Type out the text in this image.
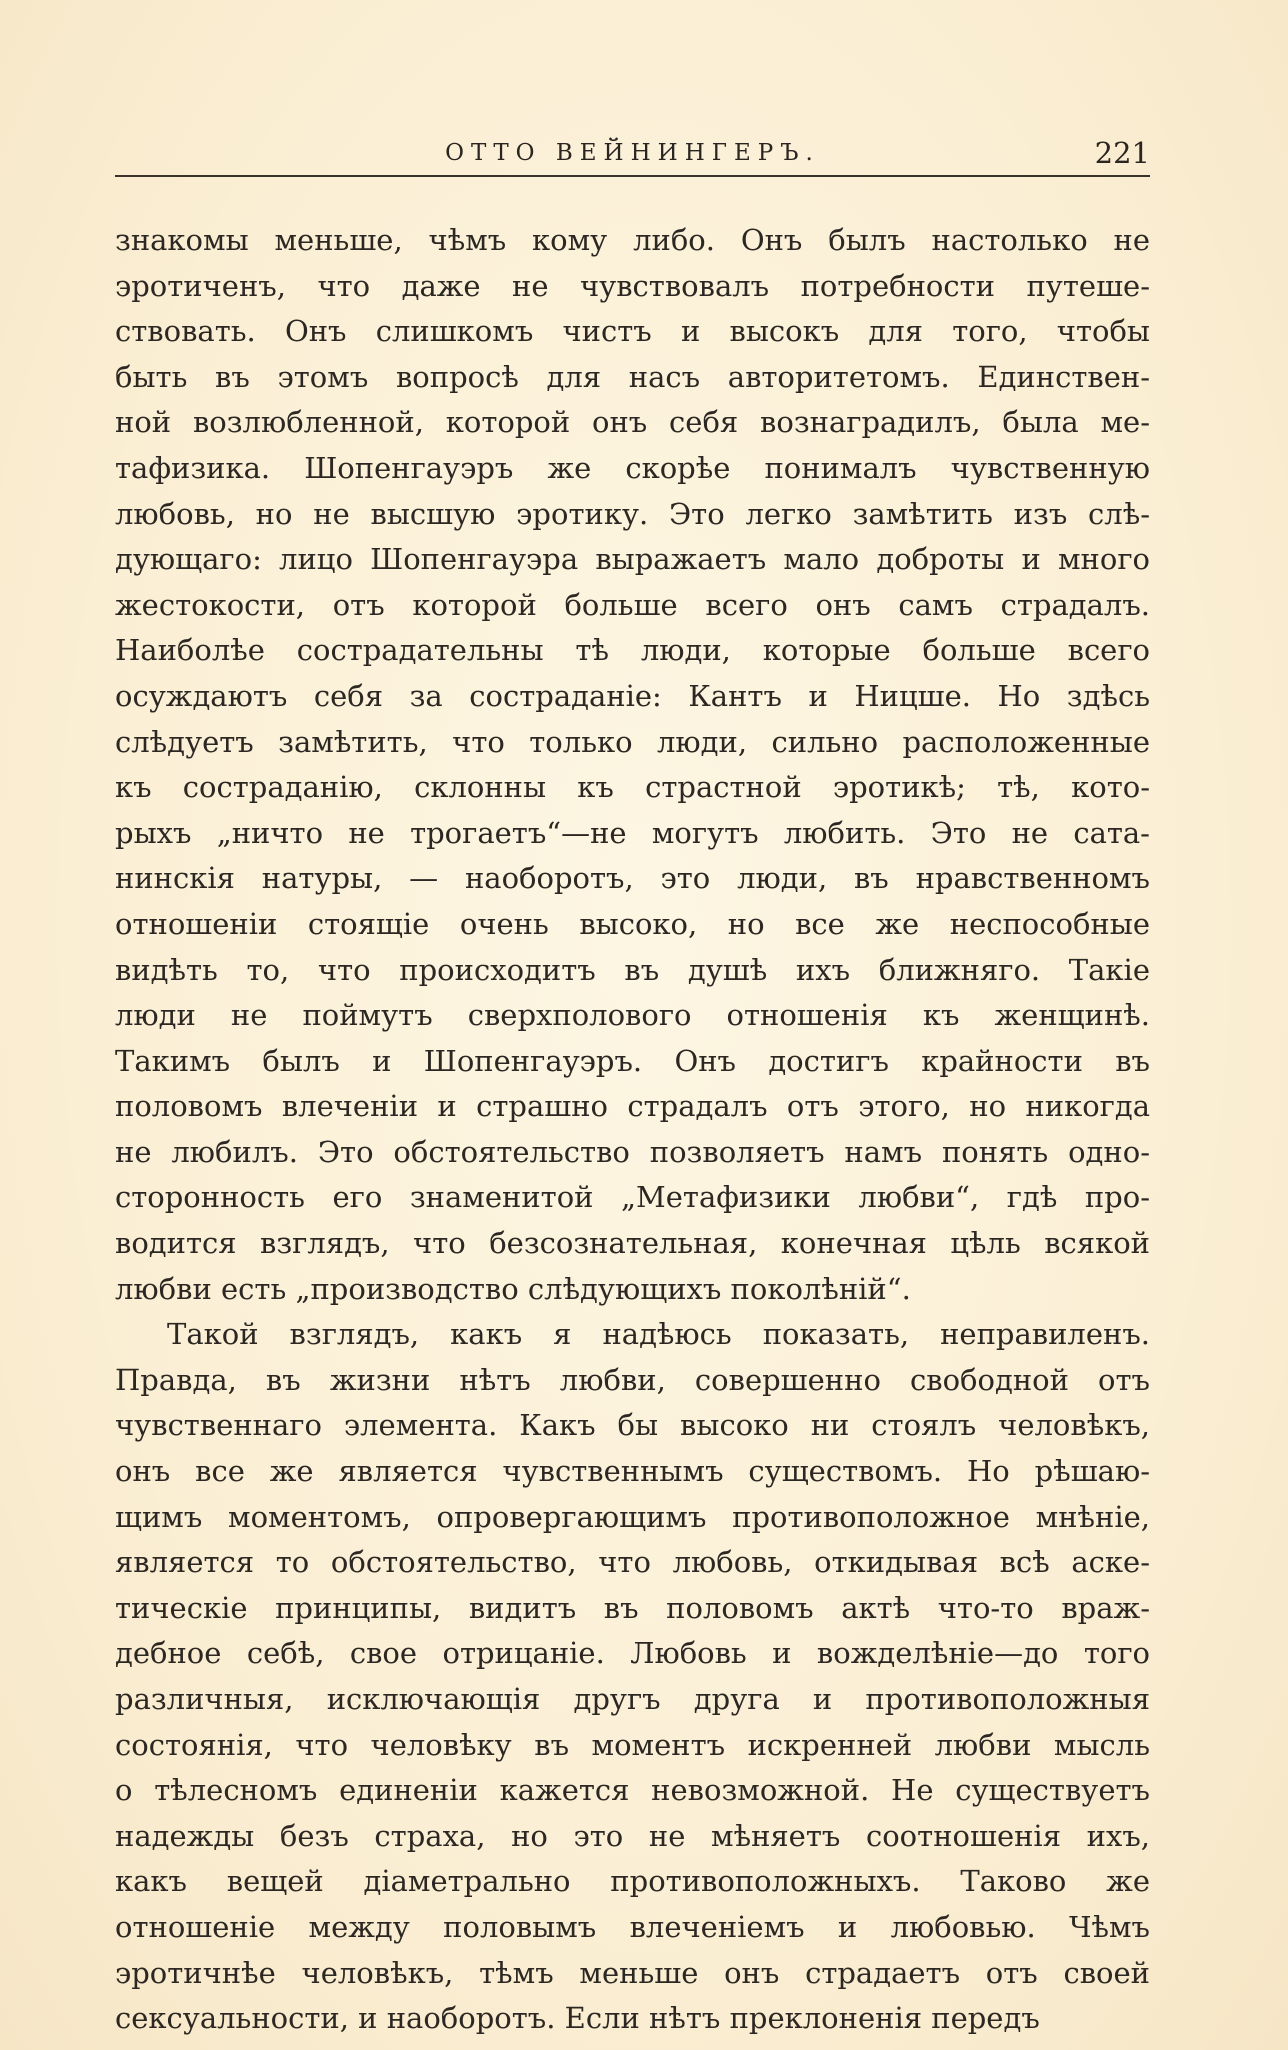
ОТТО ВЕЙНИНГЕРЪ.	221
знакомы меньше, чѣмъ кому либо. Онъ былъ настолько не
эротиченъ, что даже не чувствовалъ потребности путеше-
ствовать. Онъ слишкомъ чистъ и высокъ для того, чтобы
быть въ этомъ вопросѣ для насъ авторитетомъ. Единствен-
ной возлюбленной, которой онъ себя вознаградилъ, была ме-
тафизика. Шопенгауэръ же скорѣе понималъ чувственную
любовь, но не высшую эротику. Это легко замѣтить изъ слѣ-
дующаго: лицо Шопенгауэра выражаетъ мало доброты и много
жестокости, отъ которой больше всего онъ самъ страдалъ.
Наиболѣе сострадательны тѣ люди, которые больше всего
осуждаютъ себя за состраданіе: Кантъ и Ницше. Но здѣсь
слѣдуетъ замѣтить, что только люди, сильно расположенные
къ состраданію, склонны къ страстной эротикѣ; тѣ, кото-
рыхъ „ничто не трогаетъ“—не могутъ любить. Это не сата-
нинскія натуры, — наоборотъ, это люди, въ нравственномъ
отношеніи стоящіе очень высоко, но все же неспособные
видѣть то, что происходитъ въ душѣ ихъ ближняго. Такіе
люди не поймутъ сверхполового отношенія къ женщинѣ.
Такимъ былъ и Шопенгауэръ. Онъ достигъ крайности въ
половомъ влеченіи и страшно страдалъ отъ этого, но никогда
не любилъ. Это обстоятельство позволяетъ намъ понять одно-
сторонность его знаменитой „Метафизики любви“, гдѣ про-
водится взглядъ, что безсознательная, конечная цѣль всякой
любви есть „производство слѣдующихъ поколѣній“.
Такой взглядъ, какъ я надѣюсь показать, неправиленъ.
Правда, въ жизни нѣтъ любви, совершенно свободной отъ
чувственнаго элемента. Какъ бы высоко ни стоялъ человѣкъ,
онъ все же является чувственнымъ существомъ. Но рѣшаю-
щимъ моментомъ, опровергающимъ противоположное мнѣніе,
является то обстоятельство, что любовь, откидывая всѣ аске-
тическіе принципы, видитъ въ половомъ актѣ что-то враж-
дебное себѣ, свое отрицаніе. Любовь и вожделѣніе—до того
различныя, исключающія другъ друга и противоположныя
состоянія, что человѣку въ моментъ искренней любви мысль
о тѣлесномъ единеніи кажется невозможной. Не существуетъ
надежды безъ страха, но это не мѣняетъ соотношенія ихъ,
какъ вещей діаметрально противоположныхъ. Таково же
отношеніе между половымъ влеченіемъ и любовью. Чѣмъ
эротичнѣе человѣкъ, тѣмъ меньше онъ страдаетъ отъ своей
сексуальности, и наоборотъ. Если нѣтъ преклоненія передъ
